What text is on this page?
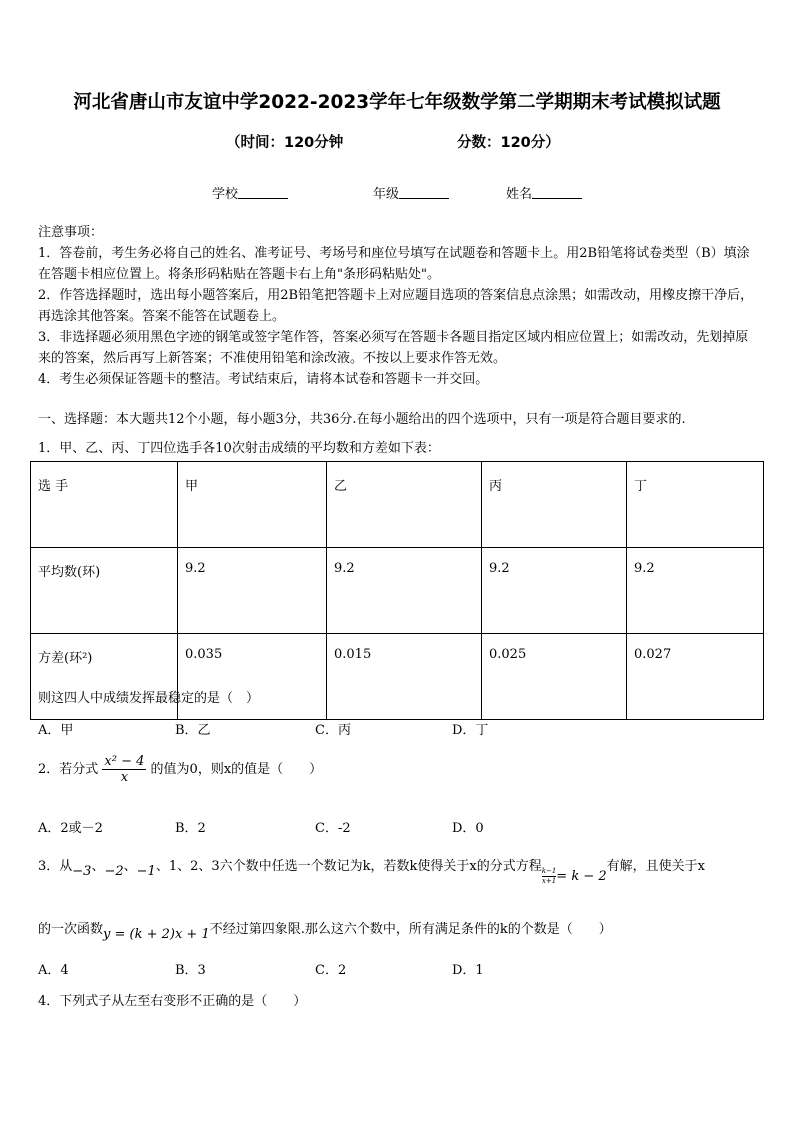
河北省唐山市友谊中学2022-2023学年七年级数学第二学期期末考试模拟试题
（时间：120分钟	分数：120分）
学校	年级	姓名
注意事项：
1．答卷前，考生务必将自己的姓名、准考证号、考场号和座位号填写在试题卷和答题卡上。用2B铅笔将试卷类型（B）填涂在答题卡相应位置上。将条形码粘贴在答题卡右上角"条形码粘贴处"。
2．作答选择题时，选出每小题答案后，用2B铅笔把答题卡上对应题目选项的答案信息点涂黑；如需改动，用橡皮擦干净后，再选涂其他答案。答案不能答在试题卷上。
3．非选择题必须用黑色字迹的钢笔或签字笔作答，答案必须写在答题卡各题目指定区域内相应位置上；如需改动，先划掉原来的答案，然后再写上新答案；不准使用铅笔和涂改液。不按以上要求作答无效。
4．考生必须保证答题卡的整洁。考试结束后，请将本试卷和答题卡一并交回。
一、选择题：本大题共12个小题，每小题3分，共36分.在每小题给出的四个选项中，只有一项是符合题目要求的.
1．甲、乙、丙、丁四位选手各10次射击成绩的平均数和方差如下表：
选 手	甲	乙	丙	丁
平均数(环)	9.2	9.2	9.2	9.2
方差(环²)	0.035	0.015	0.025	0.027
则这四人中成绩发挥最稳定的是（　）
A．甲	B．乙	C．丙	D．丁
2．若分式 $\frac{\text{x² − 4}}{x}$ 的值为0，则x的值是（　　）
A．2或－2	B．2	C．-2	D．0
3．从−3、−2、−1、1、2、3六个数中任选一个数记为k，若数k使得关于x的分式方程
$\frac{k-1}{x+1}= k - 2$有解，且使关于x
的一次函数y = (k + 2)x + 1不经过第四象限.那么这六个数中，所有满足条件的k的个数是（　　）
A．4	B．3	C．2	D．1
4．下列式子从左至右变形不正确的是（　　）
